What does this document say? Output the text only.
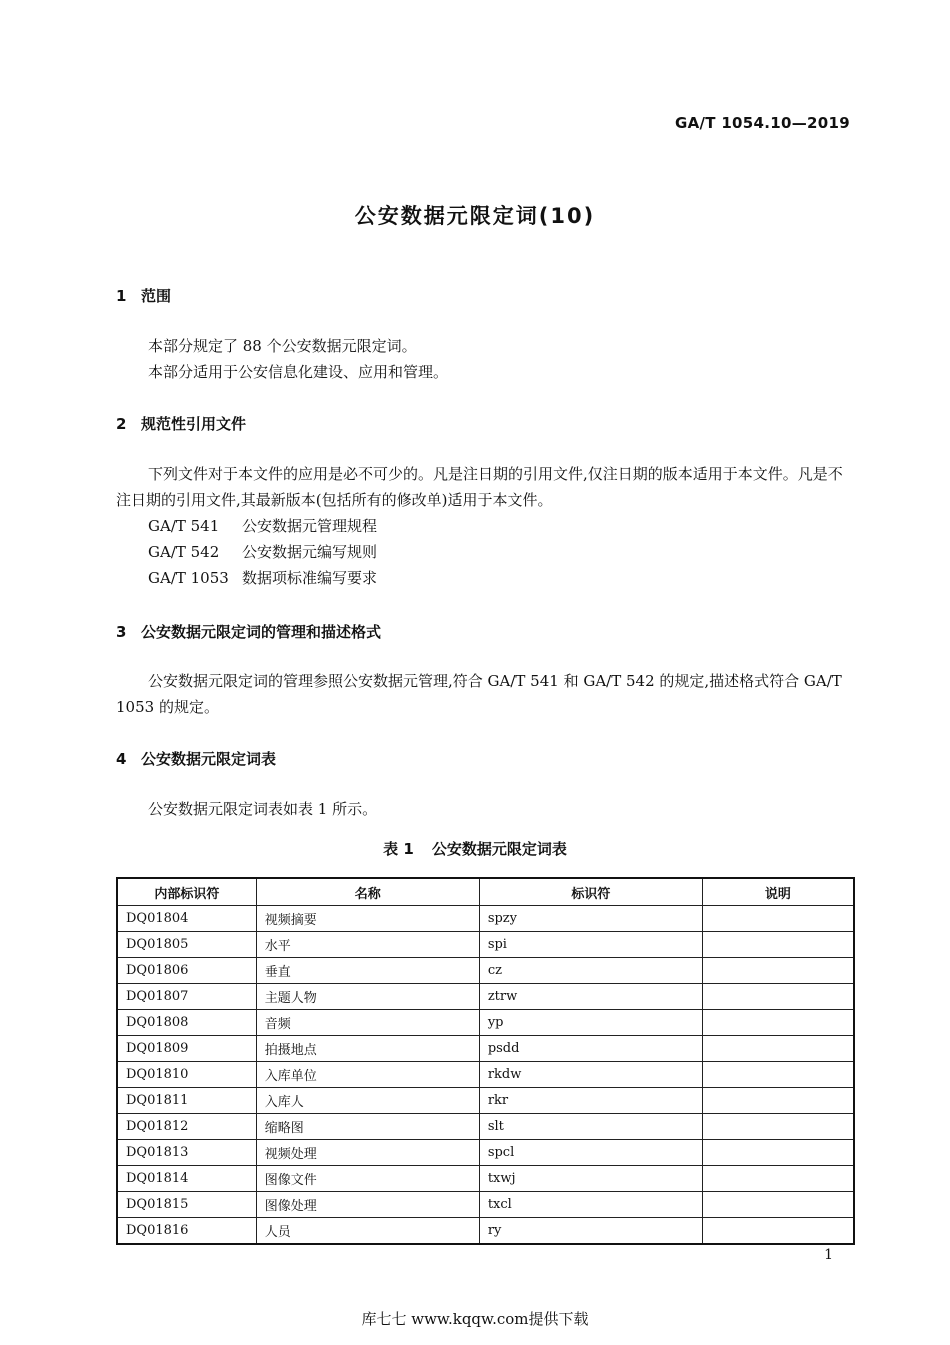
GA/T 1054.10—2019
公安数据元限定词(10)
1 范围
本部分规定了 88 个公安数据元限定词。
本部分适用于公安信息化建设、应用和管理。
2 规范性引用文件
下列文件对于本文件的应用是必不可少的。凡是注日期的引用文件,仅注日期的版本适用于本文件。凡是不注日期的引用文件,其最新版本(包括所有的修改单)适用于本文件。
GA/T 541 公安数据元管理规程
GA/T 542 公安数据元编写规则
GA/T 1053 数据项标准编写要求
3 公安数据元限定词的管理和描述格式
公安数据元限定词的管理参照公安数据元管理,符合 GA/T 541 和 GA/T 542 的规定,描述格式符合 GA/T 1053 的规定。
4 公安数据元限定词表
公安数据元限定词表如表 1 所示。
表 1 公安数据元限定词表
内部标识符	名称	标识符	说明
DQ01804	视频摘要	spzy	
DQ01805	水平	spi	
DQ01806	垂直	cz	
DQ01807	主题人物	ztrw	
DQ01808	音频	yp	
DQ01809	拍摄地点	psdd	
DQ01810	入库单位	rkdw	
DQ01811	入库人	rkr	
DQ01812	缩略图	slt	
DQ01813	视频处理	spcl	
DQ01814	图像文件	txwj	
DQ01815	图像处理	txcl	
DQ01816	人员	ry	
1
库七七 www.kqqw.com提供下载
